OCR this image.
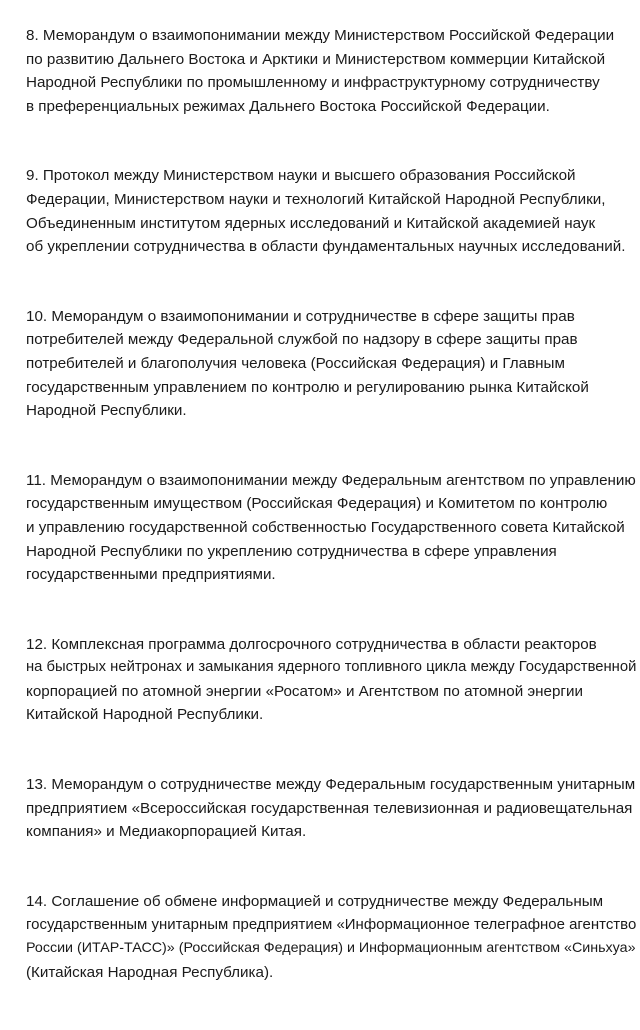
8. Меморандум о взаимопонимании между Министерством Российской Федерации
по развитию Дальнего Востока и Арктики и Министерством коммерции Китайской
Народной Республики по промышленному и инфраструктурному сотрудничеству
в преференциальных режимах Дальнего Востока Российской Федерации.
9. Протокол между Министерством науки и высшего образования Российской
Федерации, Министерством науки и технологий Китайской Народной Республики,
Объединенным институтом ядерных исследований и Китайской академией наук
об укреплении сотрудничества в области фундаментальных научных исследований.
10. Меморандум о взаимопонимании и сотрудничестве в сфере защиты прав
потребителей между Федеральной службой по надзору в сфере защиты прав
потребителей и благополучия человека (Российская Федерация) и Главным
государственным управлением по контролю и регулированию рынка Китайской
Народной Республики.
11. Меморандум о взаимопонимании между Федеральным агентством по управлению
государственным имуществом (Российская Федерация) и Комитетом по контролю
и управлению государственной собственностью Государственного совета Китайской
Народной Республики по укреплению сотрудничества в сфере управления
государственными предприятиями.
12. Комплексная программа долгосрочного сотрудничества в области реакторов
на быстрых нейтронах и замыкания ядерного топливного цикла между Государственной
корпорацией по атомной энергии «Росатом» и Агентством по атомной энергии
Китайской Народной Республики.
13. Меморандум о сотрудничестве между Федеральным государственным унитарным
предприятием «Всероссийская государственная телевизионная и радиовещательная
компания» и Медиакорпорацией Китая.
14. Соглашение об обмене информацией и сотрудничестве между Федеральным
государственным унитарным предприятием «Информационное телеграфное агентство
России (ИТАР-ТАСС)» (Российская Федерация) и Информационным агентством «Синьхуа»
(Китайская Народная Республика).
